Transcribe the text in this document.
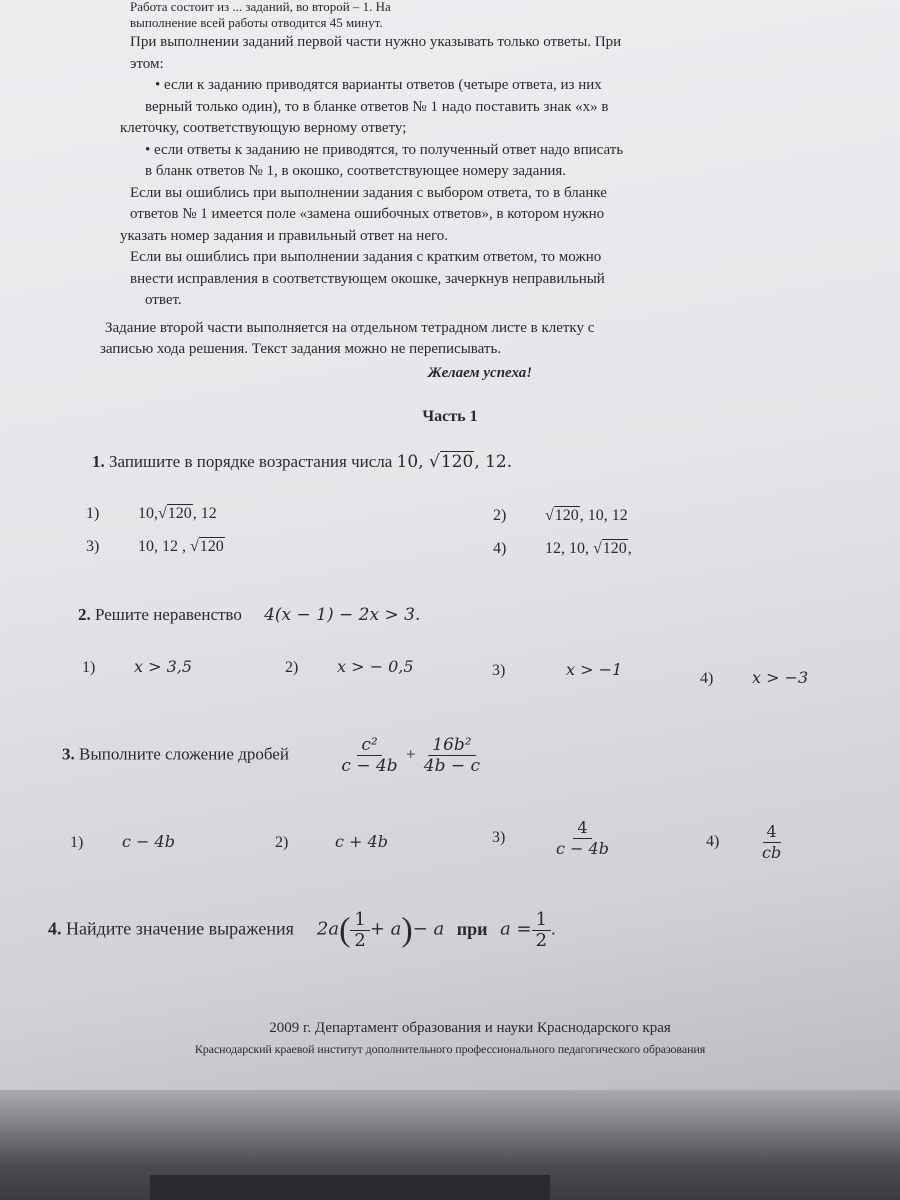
Работа состоит из ... заданий, во второй – 1. На

выполнение всей работы отводится 45 минут.

При выполнении заданий первой части нужно указывать только ответы. При

этом:

• если к заданию приводятся варианты ответов (четыре ответа, из них

верный только один), то в бланке ответов № 1 надо поставить знак «х» в

клеточку, соответствующую верному ответу;

• если ответы к заданию не приводятся, то полученный ответ надо вписать

в бланк ответов № 1, в окошко, соответствующее номеру задания.

Если вы ошиблись при выполнении задания с выбором ответа, то в бланке

ответов № 1 имеется поле «замена ошибочных ответов», в котором нужно

указать номер задания и правильный ответ на него.

Если вы ошиблись при выполнении задания с кратким ответом, то можно

внести исправления в соответствующем окошке, зачеркнув неправильный

ответ.

Задание второй части выполняется на отдельном тетрадном листе в клетку с

записью хода решения. Текст задания можно не переписывать.

Желаем успеха!

Часть 1
1. Запишите в порядке возрастания числа 10, √120, 12.
1) 10,√120, 12	2) √120, 10, 12
3) 10, 12 , √120	4) 12, 10, √120,
2. Решите неравенство 4(x − 1) − 2x > 3.
1) x > 3,5	2) x > − 0,5	3)	x > −1	4) x > −3
3. Выполните сложение дробей	$\frac{\text{c²}}{c - 4b} + \frac{\text{16b²}}{4b - c}$
1) c − 4b	2)	c + 4b	3)	$\frac{4}{c - 4b}$	$4) \frac{4}{cb}$
4. Найдите значение выражения $2a( \frac{1}{2} + a)- a$ при $a = \frac{1}{2}$ .
2009 г. Департамент образования и науки Краснодарского края
Краснодарский краевой институт дополнительного профессионального педагогического образования
